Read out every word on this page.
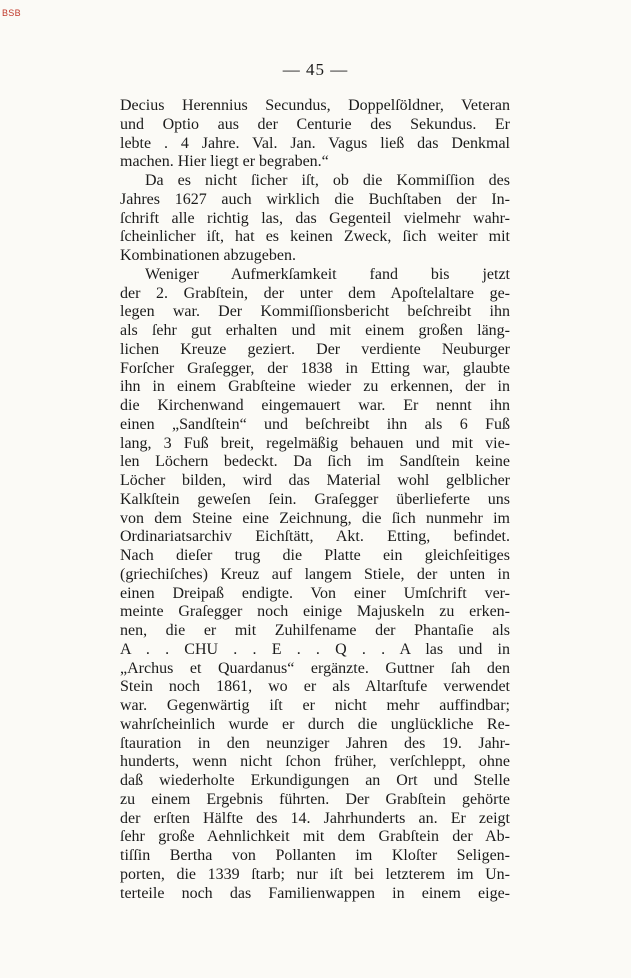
BSB
— 45 —
Decius Herennius Secundus, Doppelſöldner, Veteran
und Optio aus der Centurie des Sekundus. Er
lebte . 4 Jahre. Val. Jan. Vagus ließ das Denkmal
machen. Hier liegt er begraben.“
Da es nicht ſicher iſt, ob die Kommiſſion des
Jahres 1627 auch wirklich die Buchſtaben der In-
ſchrift alle richtig las, das Gegenteil vielmehr wahr-
ſcheinlicher iſt, hat es keinen Zweck, ſich weiter mit
Kombinationen abzugeben.
Weniger Aufmerkſamkeit fand bis jetzt
der 2. Grabſtein, der unter dem Apoſtelaltare ge-
legen war. Der Kommiſſionsbericht beſchreibt ihn
als ſehr gut erhalten und mit einem großen läng-
lichen Kreuze geziert. Der verdiente Neuburger
Forſcher Graſegger, der 1838 in Etting war, glaubte
ihn in einem Grabſteine wieder zu erkennen, der in
die Kirchenwand eingemauert war. Er nennt ihn
einen „Sandſtein“ und beſchreibt ihn als 6 Fuß
lang, 3 Fuß breit, regelmäßig behauen und mit vie-
len Löchern bedeckt. Da ſich im Sandſtein keine
Löcher bilden, wird das Material wohl gelblicher
Kalkſtein geweſen ſein. Graſegger überlieferte uns
von dem Steine eine Zeichnung, die ſich nunmehr im
Ordinariatsarchiv Eichſtätt, Akt. Etting, befindet.
Nach dieſer trug die Platte ein gleichſeitiges
(griechiſches) Kreuz auf langem Stiele, der unten in
einen Dreipaß endigte. Von einer Umſchrift ver-
meinte Graſegger noch einige Majuskeln zu erken-
nen, die er mit Zuhilfename der Phantaſie als
A . . CHU . . E . . Q . . A las und in
„Archus et Quardanus“ ergänzte. Guttner ſah den
Stein noch 1861, wo er als Altarſtufe verwendet
war. Gegenwärtig iſt er nicht mehr auffindbar;
wahrſcheinlich wurde er durch die unglückliche Re-
ſtauration in den neunziger Jahren des 19. Jahr-
hunderts, wenn nicht ſchon früher, verſchleppt, ohne
daß wiederholte Erkundigungen an Ort und Stelle
zu einem Ergebnis führten. Der Grabſtein gehörte
der erſten Hälfte des 14. Jahrhunderts an. Er zeigt
ſehr große Aehnlichkeit mit dem Grabſtein der Ab-
tiſſin Bertha von Pollanten im Kloſter Seligen-
porten, die 1339 ſtarb; nur iſt bei letzterem im Un-
terteile noch das Familienwappen in einem eige-
